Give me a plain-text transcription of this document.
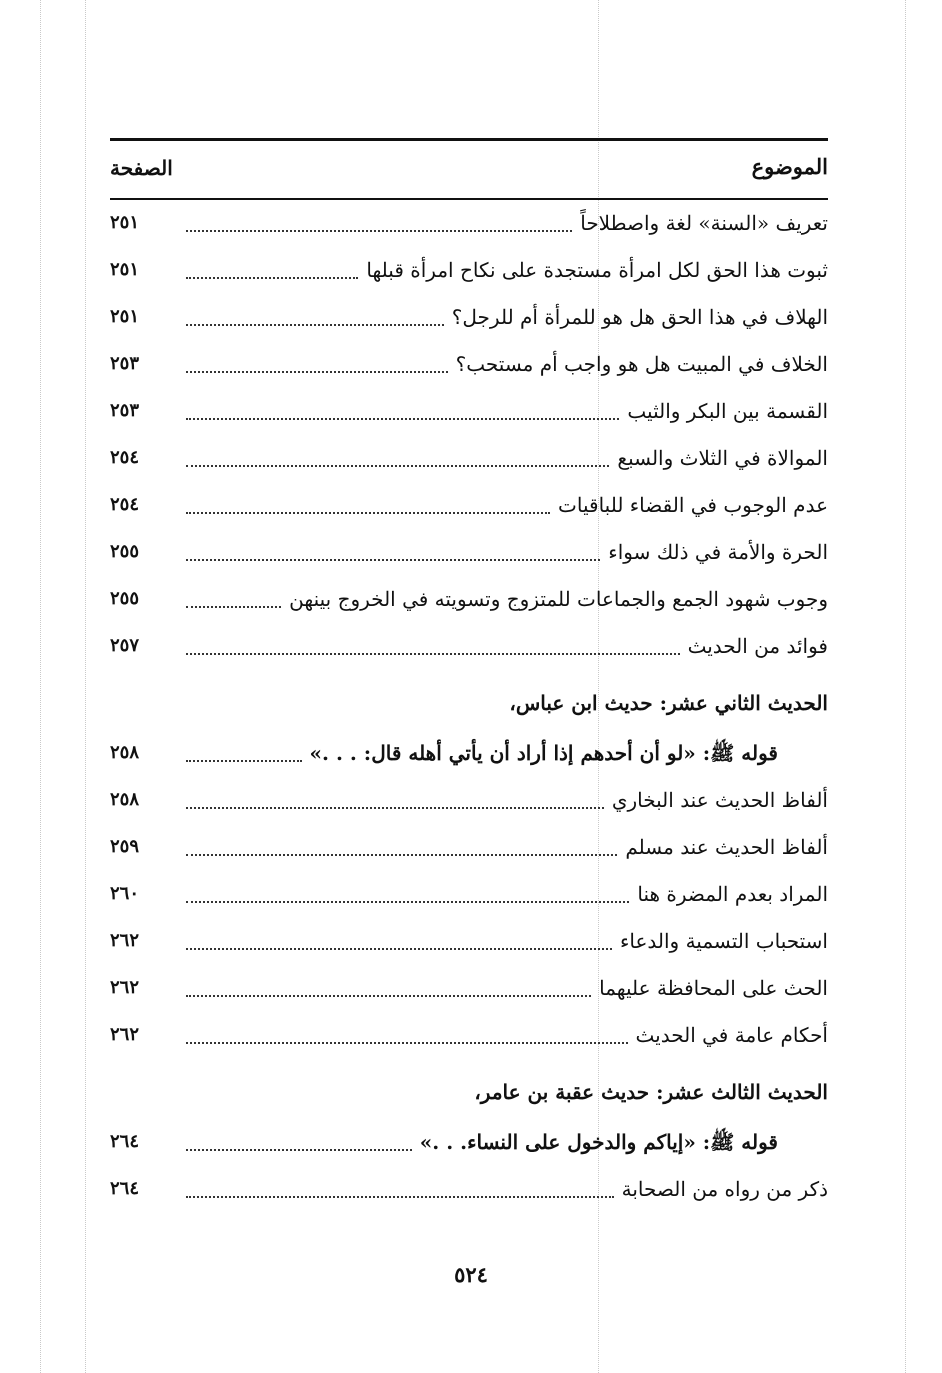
الموضوع
الصفحة
تعريف «السنة» لغة واصطلاحاً
٢٥١
ثبوت هذا الحق لكل امرأة مستجدة على نكاح امرأة قبلها
٢٥١
الهلاف في هذا الحق هل هو للمرأة أم للرجل؟
٢٥١
الخلاف في المبيت هل هو واجب أم مستحب؟
٢٥٣
القسمة بين البكر والثيب
٢٥٣
الموالاة في الثلاث والسبع
٢٥٤
عدم الوجوب في القضاء للباقيات
٢٥٤
الحرة والأمة في ذلك سواء
٢٥٥
وجوب شهود الجمع والجماعات للمتزوج وتسويته في الخروج بينهن
٢٥٥
فوائد من الحديث
٢٥٧
الحديث الثاني عشر: حديث ابن عباس،
قوله ﷺ: «لو أن أحدهم إذا أراد أن يأتي أهله قال: . . .»
٢٥٨
ألفاظ الحديث عند البخاري
٢٥٨
ألفاظ الحديث عند مسلم
٢٥٩
المراد بعدم المضرة هنا
٢٦٠
استحباب التسمية والدعاء
٢٦٢
الحث على المحافظة عليهما
٢٦٢
أحكام عامة في الحديث
٢٦٢
الحديث الثالث عشر: حديث عقبة بن عامر،
قوله ﷺ: «إياكم والدخول على النساء. . .»
٢٦٤
ذكر من رواه من الصحابة
٢٦٤
٥٢٤
